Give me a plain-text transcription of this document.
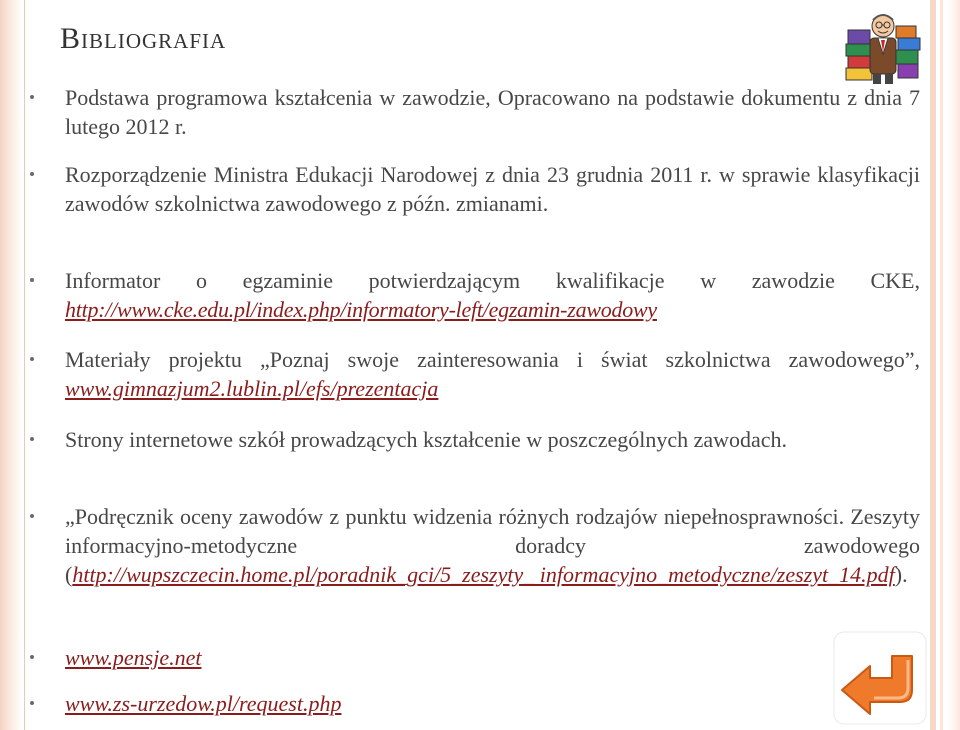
Bibliografia
Podstawa programowa kształcenia w zawodzie, Opracowano na podstawie dokumentu z dnia 7 lutego 2012 r.
Rozporządzenie Ministra Edukacji Narodowej z dnia 23 grudnia 2011 r. w sprawie klasyfikacji zawodów szkolnictwa zawodowego z późn. zmianami.
Informator o egzaminie potwierdzającym kwalifikacje w zawodzie CKE, http://www.cke.edu.pl/index.php/informatory-left/egzamin-zawodowy
Materiały projektu „Poznaj swoje zainteresowania i świat szkolnictwa zawodowego”, www.gimnazjum2.lublin.pl/efs/prezentacja
Strony internetowe szkół prowadzących kształcenie w poszczególnych zawodach.
„Podręcznik oceny zawodów z punktu widzenia różnych rodzajów niepełnosprawności. Zeszyty informacyjno-metodyczne doradcy zawodowego (http://wupszczecin.home.pl/poradnik_gci/5_zeszyty_ informacyjno_metodyczne/zeszyt_14.pdf).
www.pensje.net
www.zs-urzedow.pl/request.php
